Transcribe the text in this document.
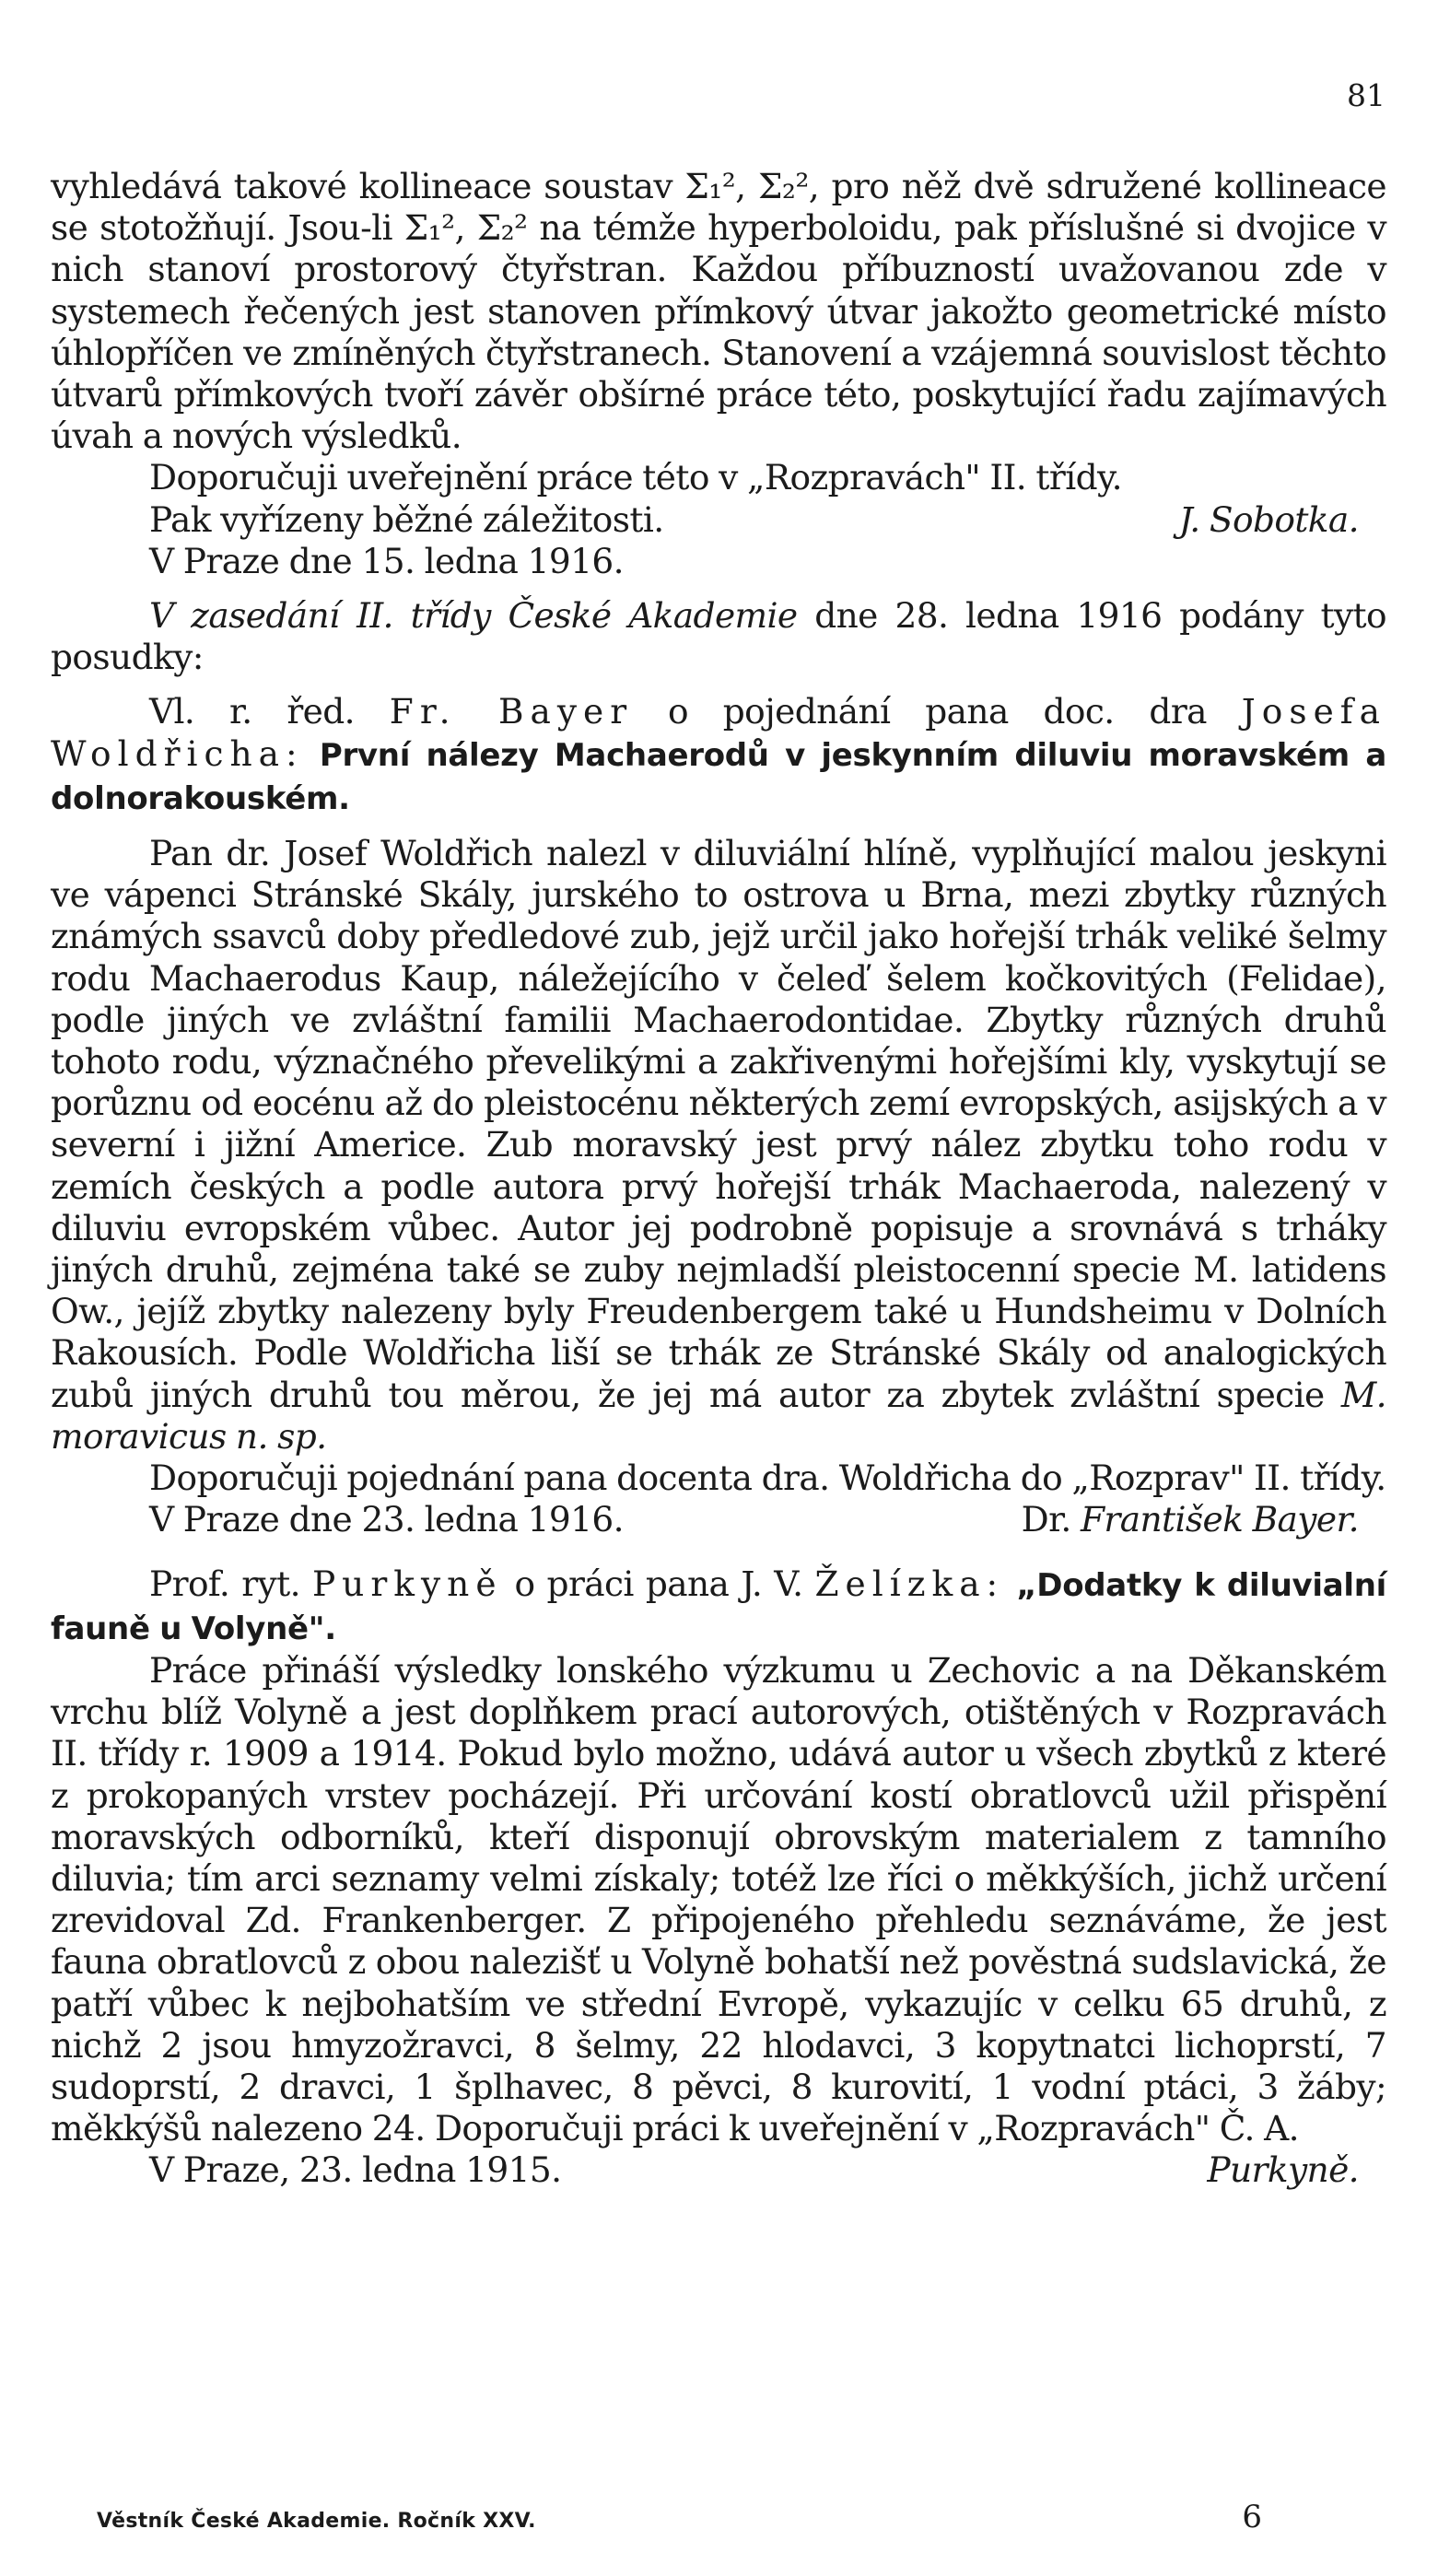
81

vyhledává takové kollineace soustav Σ₁², Σ₂², pro něž dvě sdružené kollineace se stotožňují. Jsou-li Σ₁², Σ₂² na témže hyperboloidu, pak příslušné si dvojice v nich stanoví prostorový čtyřstran. Každou příbuzností uvažovanou zde v systemech řečených jest stanoven přímkový útvar jakožto geometrické místo úhlopříčen ve zmíněných čtyřstranech. Stanovení a vzájemná souvislost těchto útvarů přímkových tvoří závěr obšírné práce této, poskytující řadu zajímavých úvah a nových výsledků.

Doporučuji uveřejnění práce této v „Rozpravách" II. třídy.

Pak vyřízeny běžné záležitosti.	J. Sobotka.

V Praze dne 15. ledna 1916.

V zasedání II. třídy České Akademie dne 28. ledna 1916 podány tyto posudky:

Vl. r. řed. Fr. Bayer o pojednání pana doc. dra Josefa Woldřicha: První nálezy Machaerodů v jeskynním diluviu moravském a dolnorakouském.

Pan dr. Josef Woldřich nalezl v diluviální hlíně, vyplňující malou jeskyni ve vápenci Stránské Skály, jurského to ostrova u Brna, mezi zbytky různých známých ssavců doby předledové zub, jejž určil jako hořejší trhák veliké šelmy rodu Machaerodus Kaup, náležejícího v čeleď šelem kočkovitých (Felidae), podle jiných ve zvláštní familii Machaerodontidae. Zbytky různých druhů tohoto rodu, význačného převelikými a zakřivenými hořejšími kly, vyskytují se porůznu od eocénu až do pleistocénu některých zemí evropských, asijských a v severní i jižní Americe. Zub moravský jest prvý nález zbytku toho rodu v zemích českých a podle autora prvý hořejší trhák Machaeroda, nalezený v diluviu evropském vůbec. Autor jej podrobně popisuje a srovnává s trháky jiných druhů, zejména také se zuby nejmladší pleistocenní specie M. latidens Ow., jejíž zbytky nalezeny byly Freudenbergem také u Hundsheimu v Dolních Rakousích. Podle Woldřicha liší se trhák ze Stránské Skály od analogických zubů jiných druhů tou měrou, že jej má autor za zbytek zvláštní specie M. moravicus n. sp.

Doporučuji pojednání pana docenta dra. Woldřicha do „Rozprav" II. třídy.

V Praze dne 23. ledna 1916.	Dr. František Bayer.

Prof. ryt. Purkyně o práci pana J. V. Želízka: „Dodatky k diluvialní fauně u Volyně".

Práce přináší výsledky lonského výzkumu u Zechovic a na Děkanském vrchu blíž Volyně a jest doplňkem prací autorových, otištěných v Rozpravách II. třídy r. 1909 a 1914. Pokud bylo možno, udává autor u všech zbytků z které z prokopaných vrstev pocházejí. Při určování kostí obratlovců užil přispění moravských odborníků, kteří disponují obrovským materialem z tamního diluvia; tím arci seznamy velmi získaly; totéž lze říci o měkkýších, jichž určení zrevidoval Zd. Frankenberger. Z připojeného přehledu seznáváme, že jest fauna obratlovců z obou nalezišť u Volyně bohatší než pověstná sudslavická, že patří vůbec k nejbohatším ve střední Evropě, vykazujíc v celku 65 druhů, z nichž 2 jsou hmyzožravci, 8 šelmy, 22 hlodavci, 3 kopytnatci lichoprstí, 7 sudoprstí, 2 dravci, 1 šplhavec, 8 pěvci, 8 kurovití, 1 vodní ptáci, 3 žáby; měkkýšů nalezeno 24. Doporučuji práci k uveřejnění v „Rozpravách" Č. A.

V Praze, 23. ledna 1915.	Purkyně.

Věstník České Akademie. Ročník XXV.	6
